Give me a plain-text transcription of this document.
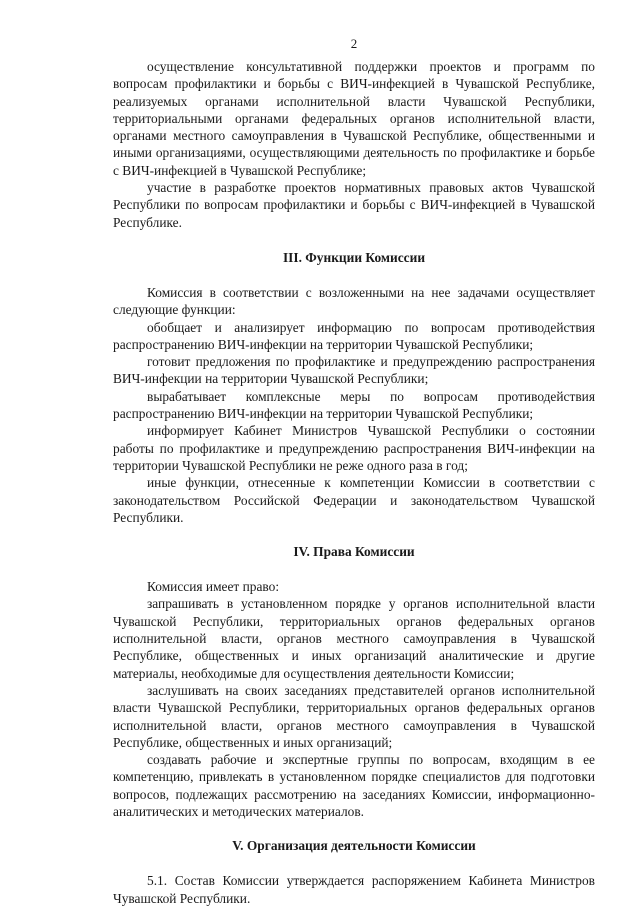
2

осуществление консультативной поддержки проектов и программ по вопросам профилактики и борьбы с ВИЧ-инфекцией в Чувашской Республике, реализуемых органами исполнительной власти Чувашской Республики, территориальными органами федеральных органов исполнительной власти, органами местного самоуправления в Чувашской Республике, общественными и иными организациями, осуществляющими деятельность по профилактике и борьбе с ВИЧ-инфекцией в Чувашской Республике;

участие в разработке проектов нормативных правовых актов Чувашской Республики по вопросам профилактики и борьбы с ВИЧ-инфекцией в Чувашской Республике.

III. Функции Комиссии

Комиссия в соответствии с возложенными на нее задачами осуществляет следующие функции:

обобщает и анализирует информацию по вопросам противодействия распространению ВИЧ-инфекции на территории Чувашской Республики;

готовит предложения по профилактике и предупреждению распространения ВИЧ-инфекции на территории Чувашской Республики;

вырабатывает комплексные меры по вопросам противодействия распространению ВИЧ-инфекции на территории Чувашской Республики;

информирует Кабинет Министров Чувашской Республики о состоянии работы по профилактике и предупреждению распространения ВИЧ-инфекции на территории Чувашской Республики не реже одного раза в год;

иные функции, отнесенные к компетенции Комиссии в соответствии с законодательством Российской Федерации и законодательством Чувашской Республики.

IV. Права Комиссии

Комиссия имеет право:

запрашивать в установленном порядке у органов исполнительной власти Чувашской Республики, территориальных органов федеральных органов исполнительной власти, органов местного самоуправления в Чувашской Республике, общественных и иных организаций аналитические и другие материалы, необходимые для осуществления деятельности Комиссии;

заслушивать на своих заседаниях представителей органов исполнительной власти Чувашской Республики, территориальных органов федеральных органов исполнительной власти, органов местного самоуправления в Чувашской Республике, общественных и иных организаций;

создавать рабочие и экспертные группы по вопросам, входящим в ее компетенцию, привлекать в установленном порядке специалистов для подготовки вопросов, подлежащих рассмотрению на заседаниях Комиссии, информационно-аналитических и методических материалов.

V. Организация деятельности Комиссии

5.1. Состав Комиссии утверждается распоряжением Кабинета Министров Чувашской Республики.
